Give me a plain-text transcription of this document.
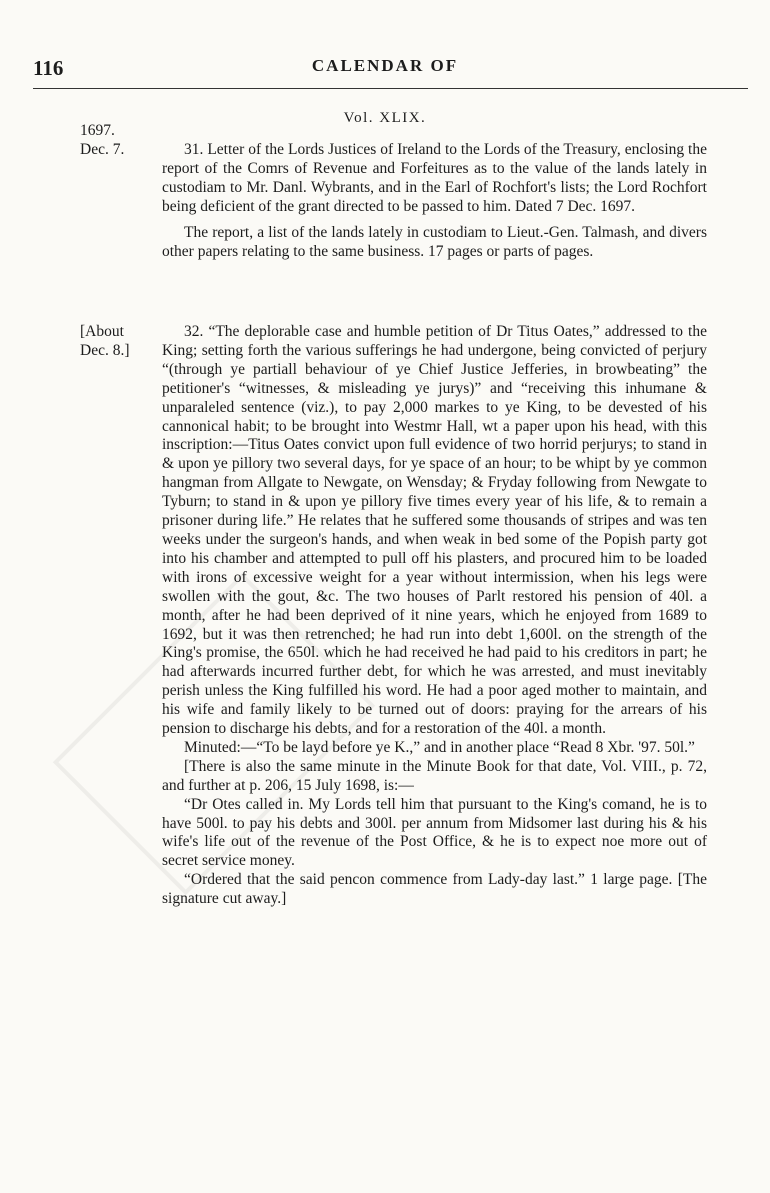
116	CALENDAR OF
Vol. XLIX.
1697.
Dec. 7.
[About
Dec. 8.]

31. Letter of the Lords Justices of Ireland to the Lords of the Treasury, enclosing the report of the Comrs of Revenue and Forfeitures as to the value of the lands lately in custodiam to Mr. Danl. Wybrants, and in the Earl of Rochfort's lists; the Lord Rochfort being deficient of the grant directed to be passed to him. Dated 7 Dec. 1697.

The report, a list of the lands lately in custodiam to Lieut.-Gen. Talmash, and divers other papers relating to the same business. 17 pages or parts of pages.

32. “The deplorable case and humble petition of Dr Titus Oates,” addressed to the King; setting forth the various sufferings he had undergone, being convicted of perjury “(through ye partiall behaviour of ye Chief Justice Jefferies, in browbeating” the petitioner's “witnesses, & misleading ye jurys)” and “receiving this inhumane & unparaleled sentence (viz.), to pay 2,000 markes to ye King, to be devested of his cannonical habit; to be brought into Westmr Hall, wt a paper upon his head, with this inscription:—Titus Oates convict upon full evidence of two horrid perjurys; to stand in & upon ye pillory two several days, for ye space of an hour; to be whipt by ye common hangman from Allgate to Newgate, on Wensday; & Fryday following from Newgate to Tyburn; to stand in & upon ye pillory five times every year of his life, & to remain a prisoner during life.” He relates that he suffered some thousands of stripes and was ten weeks under the surgeon's hands, and when weak in bed some of the Popish party got into his chamber and attempted to pull off his plasters, and procured him to be loaded with irons of excessive weight for a year without intermission, when his legs were swollen with the gout, &c. The two houses of Parlt restored his pension of 40l. a month, after he had been deprived of it nine years, which he enjoyed from 1689 to 1692, but it was then retrenched; he had run into debt 1,600l. on the strength of the King's promise, the 650l. which he had received he had paid to his creditors in part; he had afterwards incurred further debt, for which he was arrested, and must inevitably perish unless the King fulfilled his word. He had a poor aged mother to maintain, and his wife and family likely to be turned out of doors: praying for the arrears of his pension to discharge his debts, and for a restoration of the 40l. a month.

Minuted:—“To be layd before ye K.,” and in another place “Read 8 Xbr. '97. 50l.”

[There is also the same minute in the Minute Book for that date, Vol. VIII., p. 72, and further at p. 206, 15 July 1698, is:—

“Dr Otes called in. My Lords tell him that pursuant to the King's comand, he is to have 500l. to pay his debts and 300l. per annum from Midsomer last during his & his wife's life out of the revenue of the Post Office, & he is to expect noe more out of secret service money.

“Ordered that the said pencon commence from Lady-day last.” 1 large page. [The signature cut away.]
